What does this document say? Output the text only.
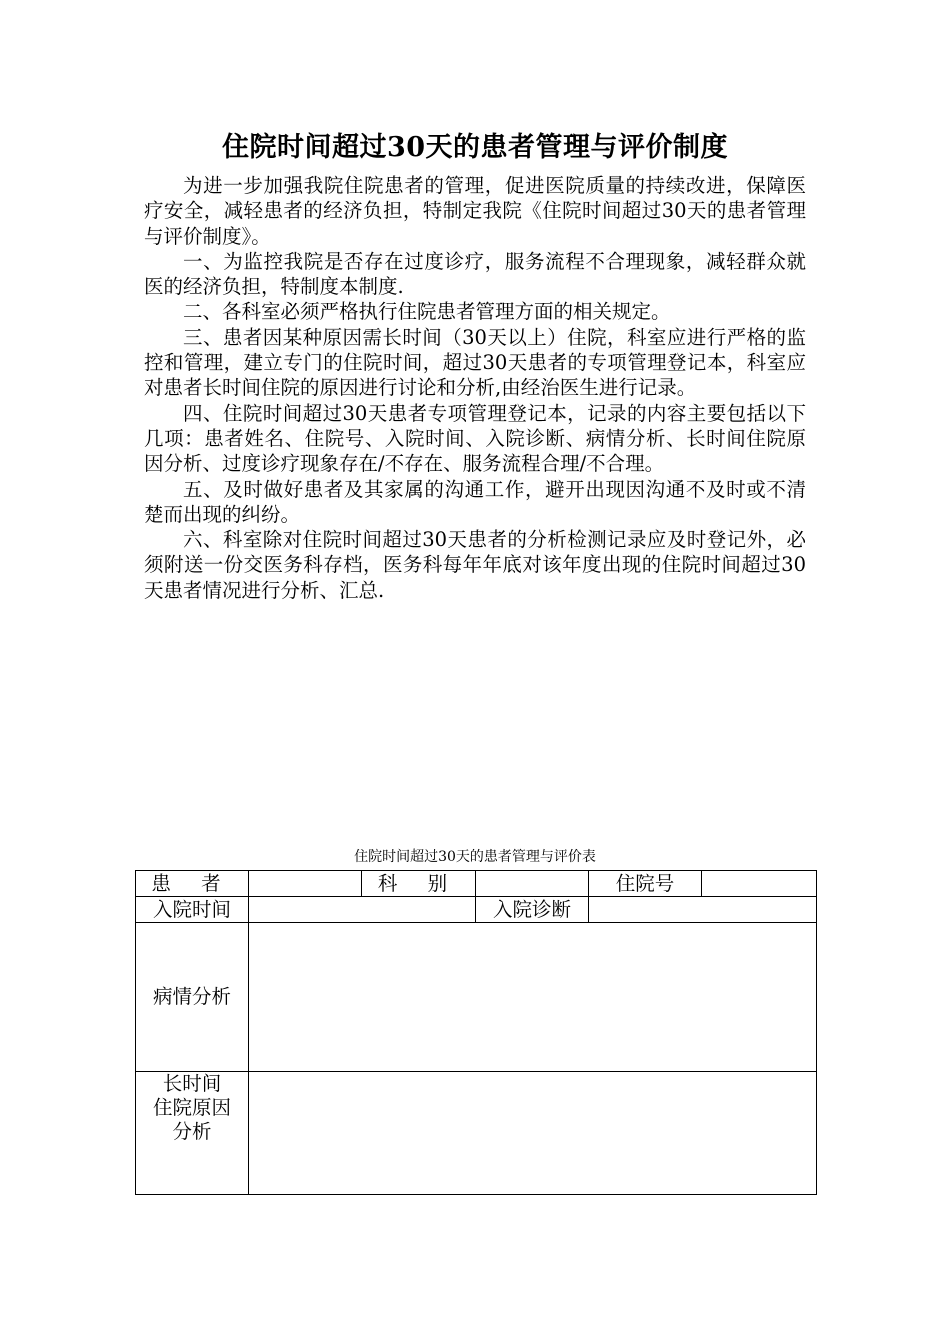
住院时间超过30天的患者管理与评价制度

为进一步加强我院住院患者的管理，促进医院质量的持续改进，保障医疗安全，减轻患者的经济负担，特制定我院《住院时间超过30天的患者管理与评价制度》。

一、为监控我院是否存在过度诊疗，服务流程不合理现象，减轻群众就医的经济负担，特制度本制度.

二、各科室必须严格执行住院患者管理方面的相关规定。

三、患者因某种原因需长时间（30天以上）住院，科室应进行严格的监控和管理，建立专门的住院时间，超过30天患者的专项管理登记本，科室应对患者长时间住院的原因进行讨论和分析,由经治医生进行记录。

四、住院时间超过30天患者专项管理登记本，记录的内容主要包括以下几项：患者姓名、住院号、入院时间、入院诊断、病情分析、长时间住院原因分析、过度诊疗现象存在/不存在、服务流程合理/不合理。

五、及时做好患者及其家属的沟通工作，避开出现因沟通不及时或不清楚而出现的纠纷。

六、科室除对住院时间超过30天患者的分析检测记录应及时登记外，必须附送一份交医务科存档，医务科每年年底对该年度出现的住院时间超过30天患者情况进行分析、汇总.

住院时间超过30天的患者管理与评价表
患 者		科 别		住院号	
入院时间			入院诊断		
病情分析					

长时间
住院原因
分析					
